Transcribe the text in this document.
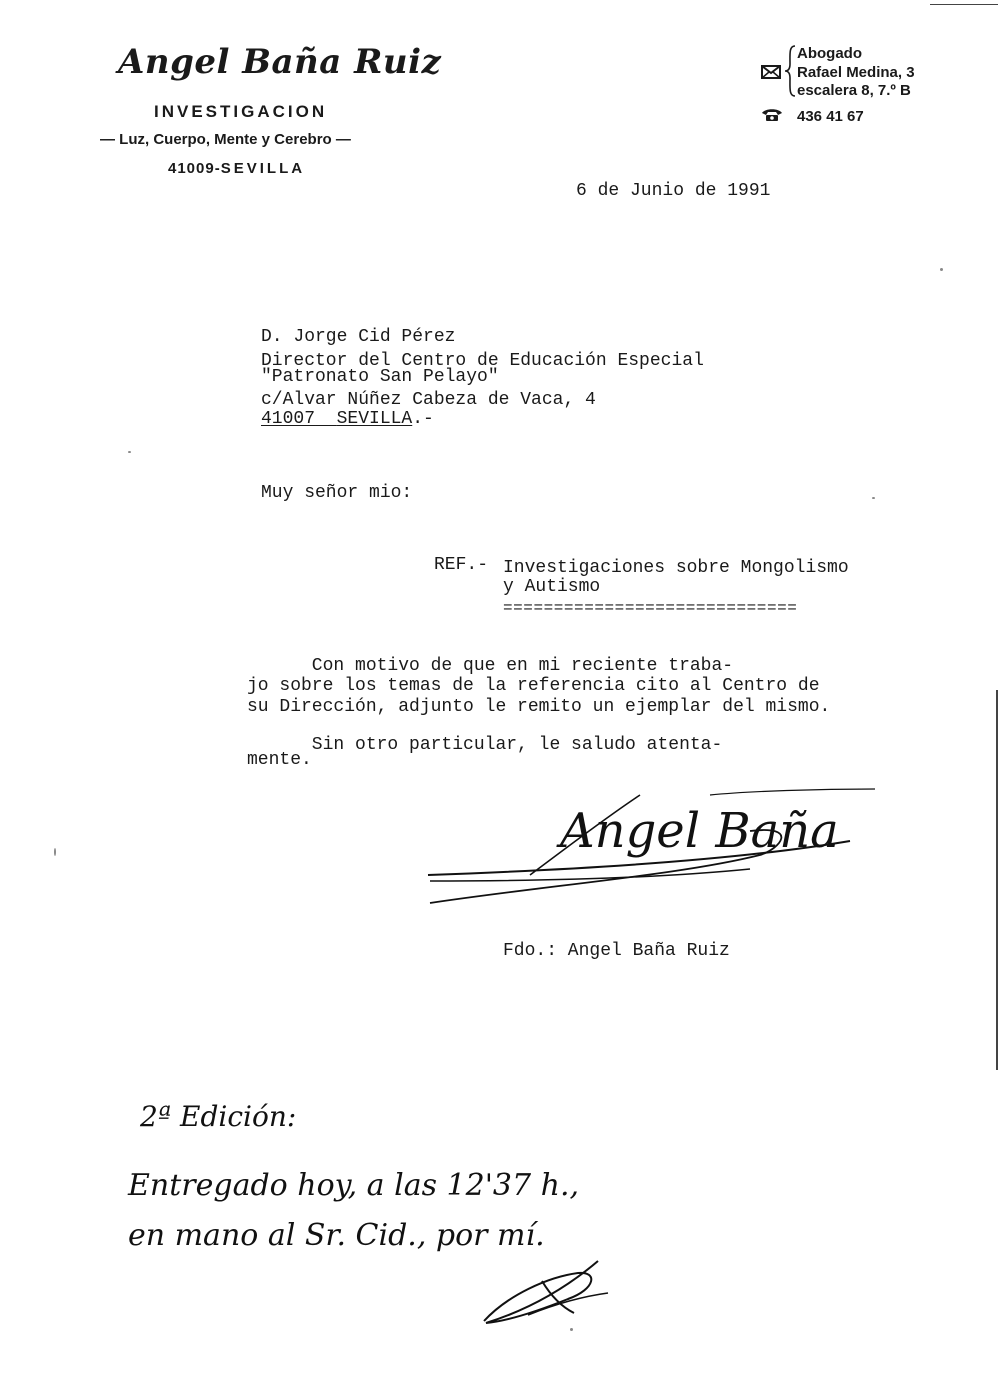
Angel Baña Ruiz
INVESTIGACION
— Luz, Cuerpo, Mente y Cerebro —
41009-SEVILLA
Abogado
Rafael Medina, 3
escalera 8, 7.º B
436 41 67
6 de Junio de 1991
D. Jorge Cid Pérez
Director del Centro de Educación Especial
"Patronato San Pelayo"
c/Alvar Núñez Cabeza de Vaca, 4
41007 SEVILLA.-
Muy señor mio:
REF.- Investigaciones sobre Mongolismo
y Autismo
=============================
Con motivo de que en mi reciente traba-
jo sobre los temas de la referencia cito al Centro de
su Dirección, adjunto le remito un ejemplar del mismo.
Sin otro particular, le saludo atenta-
mente.
Angel Baña
Fdo.: Angel Baña Ruiz
2ª Edición:
Entregado hoy, a las 12'37 h.,
en mano al Sr. Cid., por mí.
